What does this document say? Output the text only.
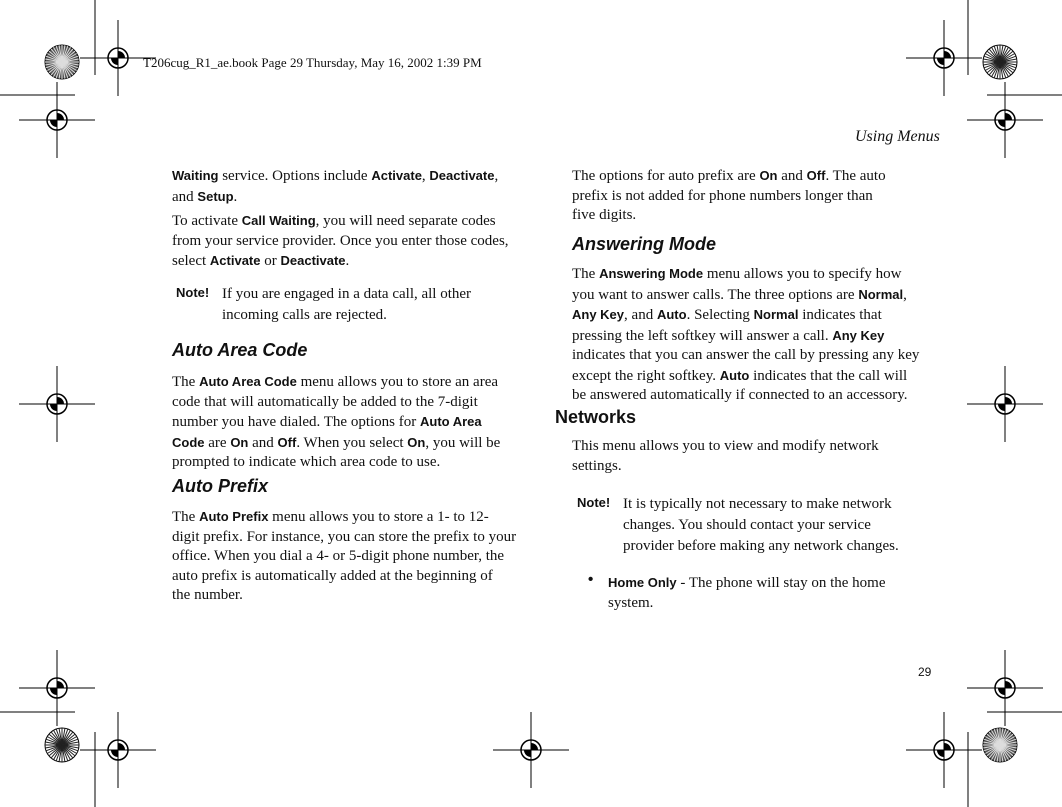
T206cug_R1_ae.book Page 29 Thursday, May 16, 2002 1:39 PM
Using Menus

Waiting service. Options include Activate, Deactivate,
and Setup.

To activate Call Waiting, you will need separate codes
from your service provider. Once you enter those codes,
select Activate or Deactivate.

Note! If you are engaged in a data call, all other
incoming calls are rejected.
Auto Area Code

The Auto Area Code menu allows you to store an area
code that will automatically be added to the 7-digit
number you have dialed. The options for Auto Area
Code are On and Off. When you select On, you will be
prompted to indicate which area code to use.

Auto Prefix

The Auto Prefix menu allows you to store a 1- to 12-
digit prefix. For instance, you can store the prefix to your
office. When you dial a 4- or 5-digit phone number, the
auto prefix is automatically added at the beginning of
the number.

The options for auto prefix are On and Off. The auto
prefix is not added for phone numbers longer than
five digits.

Answering Mode

The Answering Mode menu allows you to specify how
you want to answer calls. The three options are Normal,
Any Key, and Auto. Selecting Normal indicates that
pressing the left softkey will answer a call. Any Key
indicates that you can answer the call by pressing any key
except the right softkey. Auto indicates that the call will
be answered automatically if connected to an accessory.

Networks

This menu allows you to view and modify network
settings.

Note! It is typically not necessary to make network
changes. You should contact your service
provider before making any network changes.
• Home Only - The phone will stay on the home
system.

29
